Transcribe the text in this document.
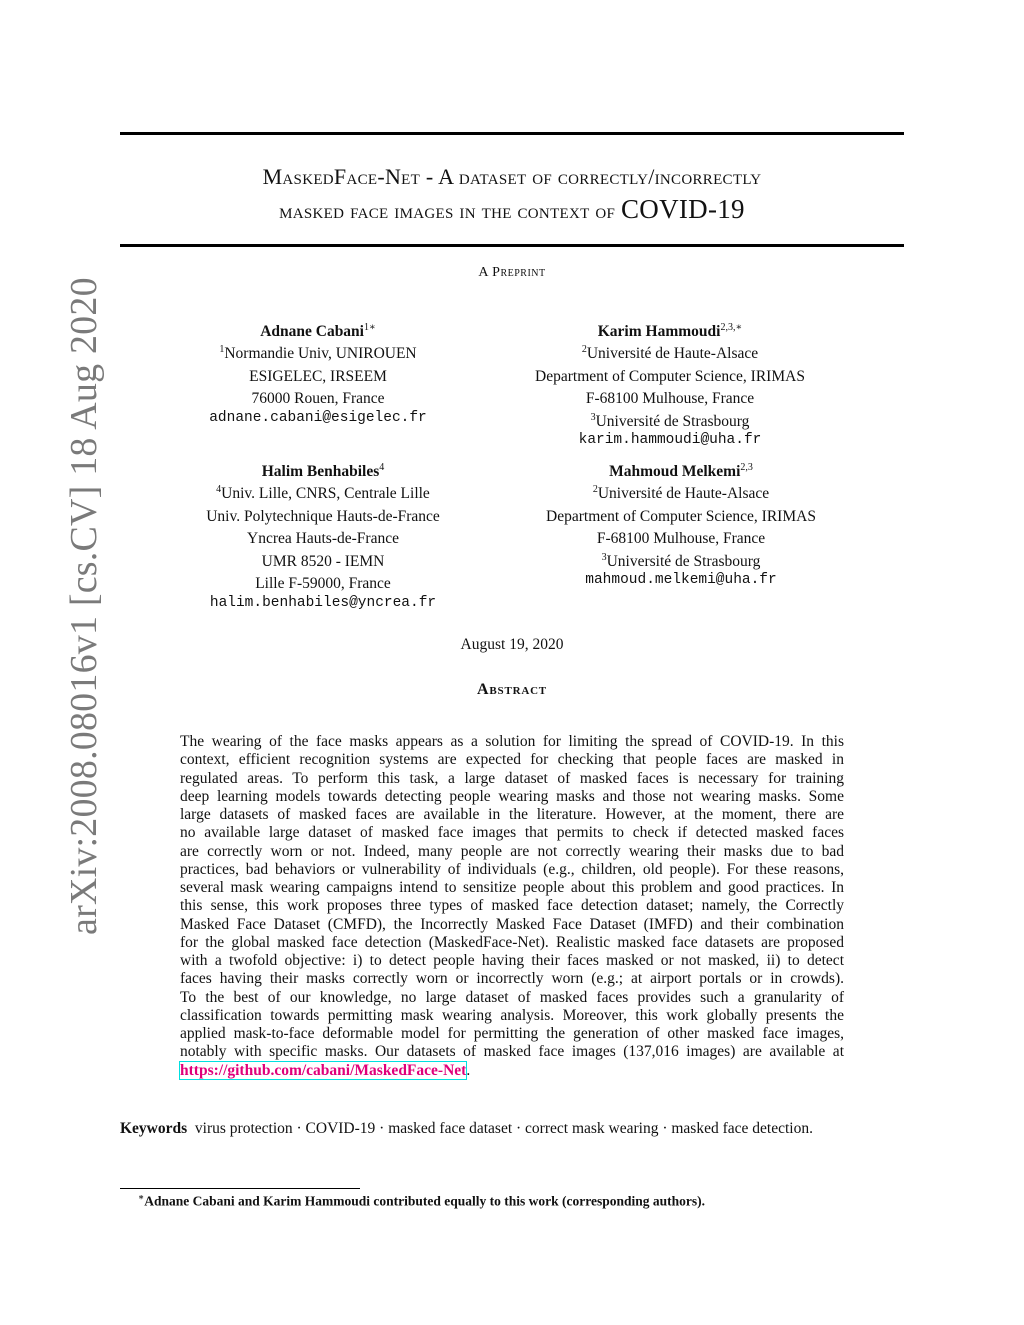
arXiv:2008.08016v1 [cs.CV] 18 Aug 2020
MaskedFace-Net - A dataset of correctly/incorrectly
masked face images in the context of COVID-19
A Preprint
Adnane Cabani$^{1∗}$
$^1$Normandie Univ, UNIROUEN
ESIGELEC, IRSEEM
76000 Rouen, France
adnane.cabani@esigelec.fr
Karim Hammoudi$^{2,3,∗}$
$^2$Université de Haute-Alsace
Department of Computer Science, IRIMAS
F-68100 Mulhouse, France
$^3$Université de Strasbourg
karim.hammoudi@uha.fr
Halim Benhabiles$^4$
$^4$Univ. Lille, CNRS, Centrale Lille
Univ. Polytechnique Hauts-de-France
Yncrea Hauts-de-France
UMR 8520 - IEMN
Lille F-59000, France
halim.benhabiles@yncrea.fr
Mahmoud Melkemi$^{2,3}$
$^2$Université de Haute-Alsace
Department of Computer Science, IRIMAS
F-68100 Mulhouse, France
$^3$Université de Strasbourg
mahmoud.melkemi@uha.fr
August 19, 2020
Abstract
The wearing of the face masks appears as a solution for limiting the spread of COVID-19. In this
context, efficient recognition systems are expected for checking that people faces are masked in
regulated areas. To perform this task, a large dataset of masked faces is necessary for training
deep learning models towards detecting people wearing masks and those not wearing masks. Some
large datasets of masked faces are available in the literature. However, at the moment, there are
no available large dataset of masked face images that permits to check if detected masked faces
are correctly worn or not. Indeed, many people are not correctly wearing their masks due to bad
practices, bad behaviors or vulnerability of individuals (e.g., children, old people). For these reasons,
several mask wearing campaigns intend to sensitize people about this problem and good practices. In
this sense, this work proposes three types of masked face detection dataset; namely, the Correctly
Masked Face Dataset (CMFD), the Incorrectly Masked Face Dataset (IMFD) and their combination
for the global masked face detection (MaskedFace-Net). Realistic masked face datasets are proposed
with a twofold objective: i) to detect people having their faces masked or not masked, ii) to detect
faces having their masks correctly worn or incorrectly worn (e.g.; at airport portals or in crowds).
To the best of our knowledge, no large dataset of masked faces provides such a granularity of
classification towards permitting mask wearing analysis. Moreover, this work globally presents the
applied mask-to-face deformable model for permitting the generation of other masked face images,
notably with specific masks. Our datasets of masked face images (137,016 images) are available at
https://github.com/cabani/MaskedFace-Net.
Keywords virus protection · COVID-19 · masked face dataset · correct mask wearing · masked face detection.
∗Adnane Cabani and Karim Hammoudi contributed equally to this work (corresponding authors).
